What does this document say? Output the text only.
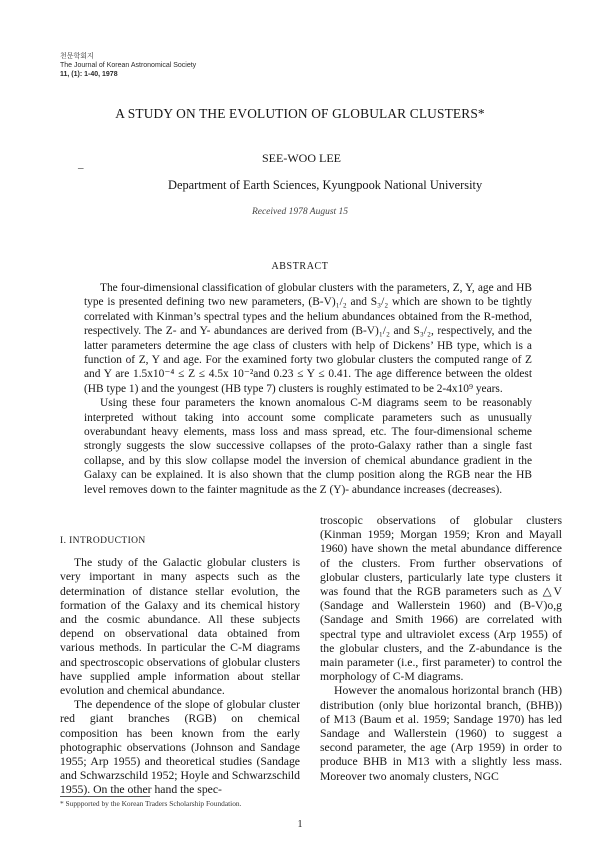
천문학회지
The Journal of Korean Astronomical Society
11, (1): 1-40, 1978
A STUDY ON THE EVOLUTION OF GLOBULAR CLUSTERS*
SEE-WOO LEE
–
Department of Earth Sciences, Kyungpook National University
Received 1978 August 15
ABSTRACT

The four-dimensional classification of globular clusters with the parameters, Z, Y, age and HB type is presented defining two new parameters, (B-V)₁/₂ and S₃/₂ which are shown to be tightly correlated with Kinman’s spectral types and the helium abundances obtained from the R-method, respectively. The Z- and Y- abundances are derived from (B-V)₁/₂ and S₃/₂, respectively, and the latter parameters determine the age class of clusters with help of Dickens’ HB type, which is a function of Z, Y and age. For the examined forty two globular clusters the computed range of Z and Y are 1.5x10⁻⁴ ≤ Z ≤ 4.5x 10⁻²and 0.23 ≤ Y ≤ 0.41. The age difference between the oldest (HB type 1) and the youngest (HB type 7) clusters is roughly estimated to be 2-4x10⁹ years.

Using these four parameters the known anomalous C-M diagrams seem to be reasonably interpreted without taking into account some complicate parameters such as unusually overabundant heavy elements, mass loss and mass spread, etc. The four-dimensional scheme strongly suggests the slow successive collapses of the proto-Galaxy rather than a single fast collapse, and by this slow collapse model the inversion of chemical abundance gradient in the Galaxy can be explained. It is also shown that the clump position along the RGB near the HB level removes down to the fainter magnitude as the Z (Y)- abundance increases (decreases).

I. INTRODUCTION

The study of the Galactic globular clusters is very important in many aspects such as the determination of distance stellar evolution, the formation of the Galaxy and its chemical history and the cosmic abundance. All these subjects depend on observational data obtained from various methods. In particular the C-M diagrams and spectroscopic observations of globular clusters have supplied ample information about stellar evolution and chemical abundance.

The dependence of the slope of globular cluster red giant branches (RGB) on chemical composition has been known from the early photographic observations (Johnson and Sandage 1955; Arp 1955) and theoretical studies (Sandage and Schwarzschild 1952; Hoyle and Schwarzschild 1955). On the other hand the spec-

troscopic observations of globular clusters (Kinman 1959; Morgan 1959; Kron and Mayall 1960) have shown the metal abundance difference of the clusters. From further observations of globular clusters, particularly late type clusters it was found that the RGB parameters such as △V (Sandage and Wallerstein 1960) and (B-V)o,g (Sandage and Smith 1966) are correlated with spectral type and ultraviolet excess (Arp 1955) of the globular clusters, and the Z-abundance is the main parameter (i.e., first parameter) to control the morphology of C-M diagrams.

However the anomalous horizontal branch (HB) distribution (only blue horizontal branch, (BHB)) of M13 (Baum et al. 1959; Sandage 1970) has led Sandage and Wallerstein (1960) to suggest a second parameter, the age (Arp 1959) in order to produce BHB in M13 with a slightly less mass. Moreover two anomaly clusters, NGC

* Suppported by the Korean Traders Scholarship Foundation.
1
